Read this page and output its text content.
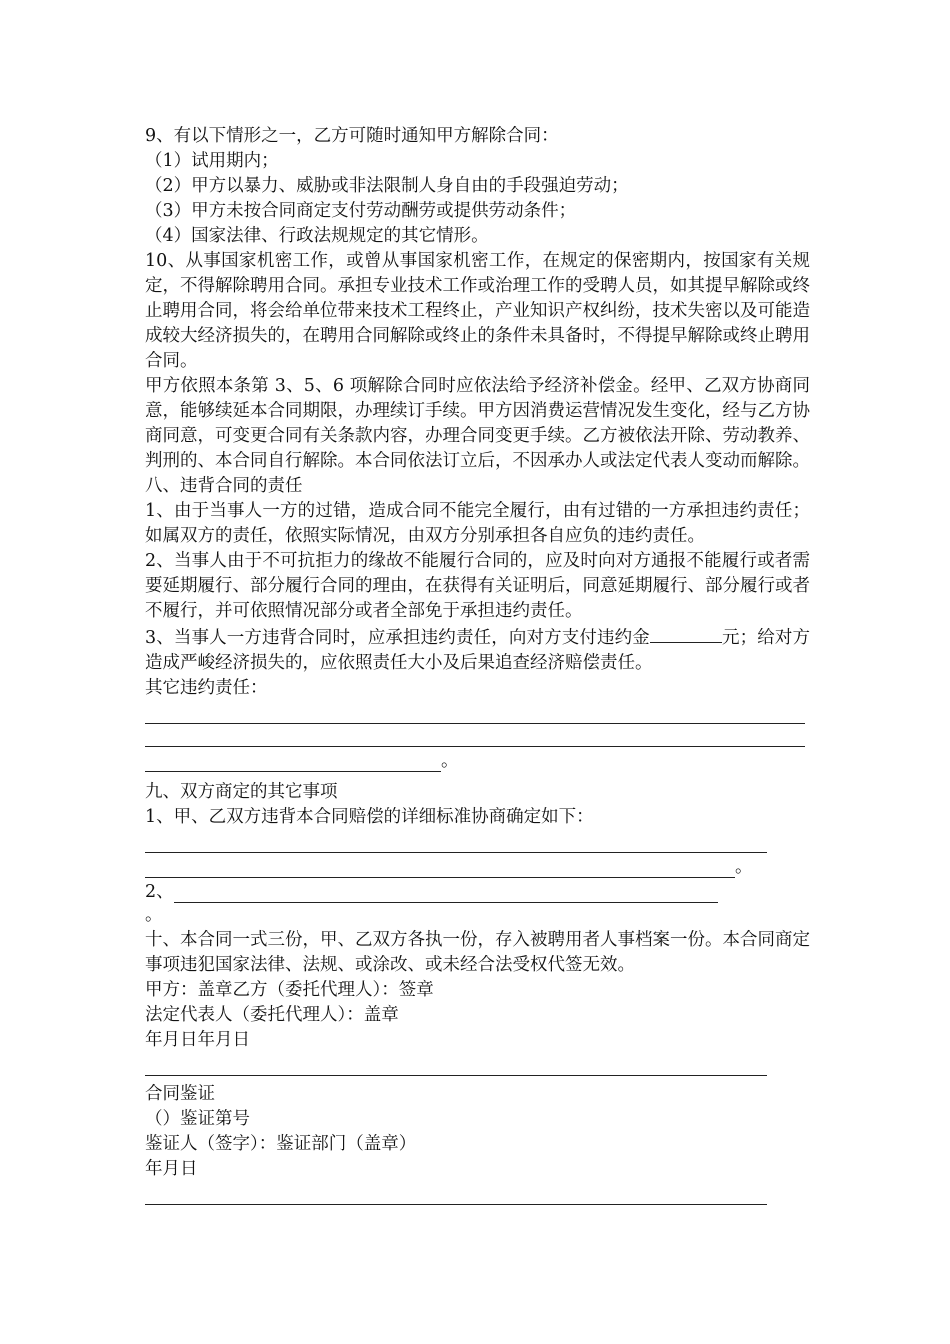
9、有以下情形之一，乙方可随时通知甲方解除合同：

（1）试用期内；

（2）甲方以暴力、威胁或非法限制人身自由的手段强迫劳动；

（3）甲方未按合同商定支付劳动酬劳或提供劳动条件；

（4）国家法律、行政法规规定的其它情形。

10、从事国家机密工作，或曾从事国家机密工作，在规定的保密期内，按国家有关规定，不得解除聘用合同。承担专业技术工作或治理工作的受聘人员，如其提早解除或终止聘用合同，将会给单位带来技术工程终止，产业知识产权纠纷，技术失密以及可能造成较大经济损失的，在聘用合同解除或终止的条件未具备时，不得提早解除或终止聘用合同。

甲方依照本条第 3、5、6 项解除合同时应依法给予经济补偿金。经甲、乙双方协商同意，能够续延本合同期限，办理续订手续。甲方因消费运营情况发生变化，经与乙方协商同意，可变更合同有关条款内容，办理合同变更手续。乙方被依法开除、劳动教养、判刑的、本合同自行解除。本合同依法订立后，不因承办人或法定代表人变动而解除。八、违背合同的责任

1、由于当事人一方的过错，造成合同不能完全履行，由有过错的一方承担违约责任；如属双方的责任，依照实际情况，由双方分别承担各自应负的违约责任。

2、当事人由于不可抗拒力的缘故不能履行合同的，应及时向对方通报不能履行或者需要延期履行、部分履行合同的理由，在获得有关证明后，同意延期履行、部分履行或者不履行，并可依照情况部分或者全部免于承担违约责任。

3、当事人一方违背合同时，应承担违约责任，向对方支付违约金	元；给对方造成严峻经济损失的，应依照责任大小及后果追查经济赔偿责任。

其它违约责任：

。

九、双方商定的其它事项

1、甲、乙双方违背本合同赔偿的详细标准协商确定如下：

。
2、

。

十、本合同一式三份，甲、乙双方各执一份，存入被聘用者人事档案一份。本合同商定事项违犯国家法律、法规、或涂改、或未经合法受权代签无效。

甲方：盖章乙方（委托代理人）：签章

法定代表人（委托代理人）：盖章

年月日年月日

合同鉴证

（）鉴证第号

鉴证人（签字）：鉴证部门（盖章）

年月日
